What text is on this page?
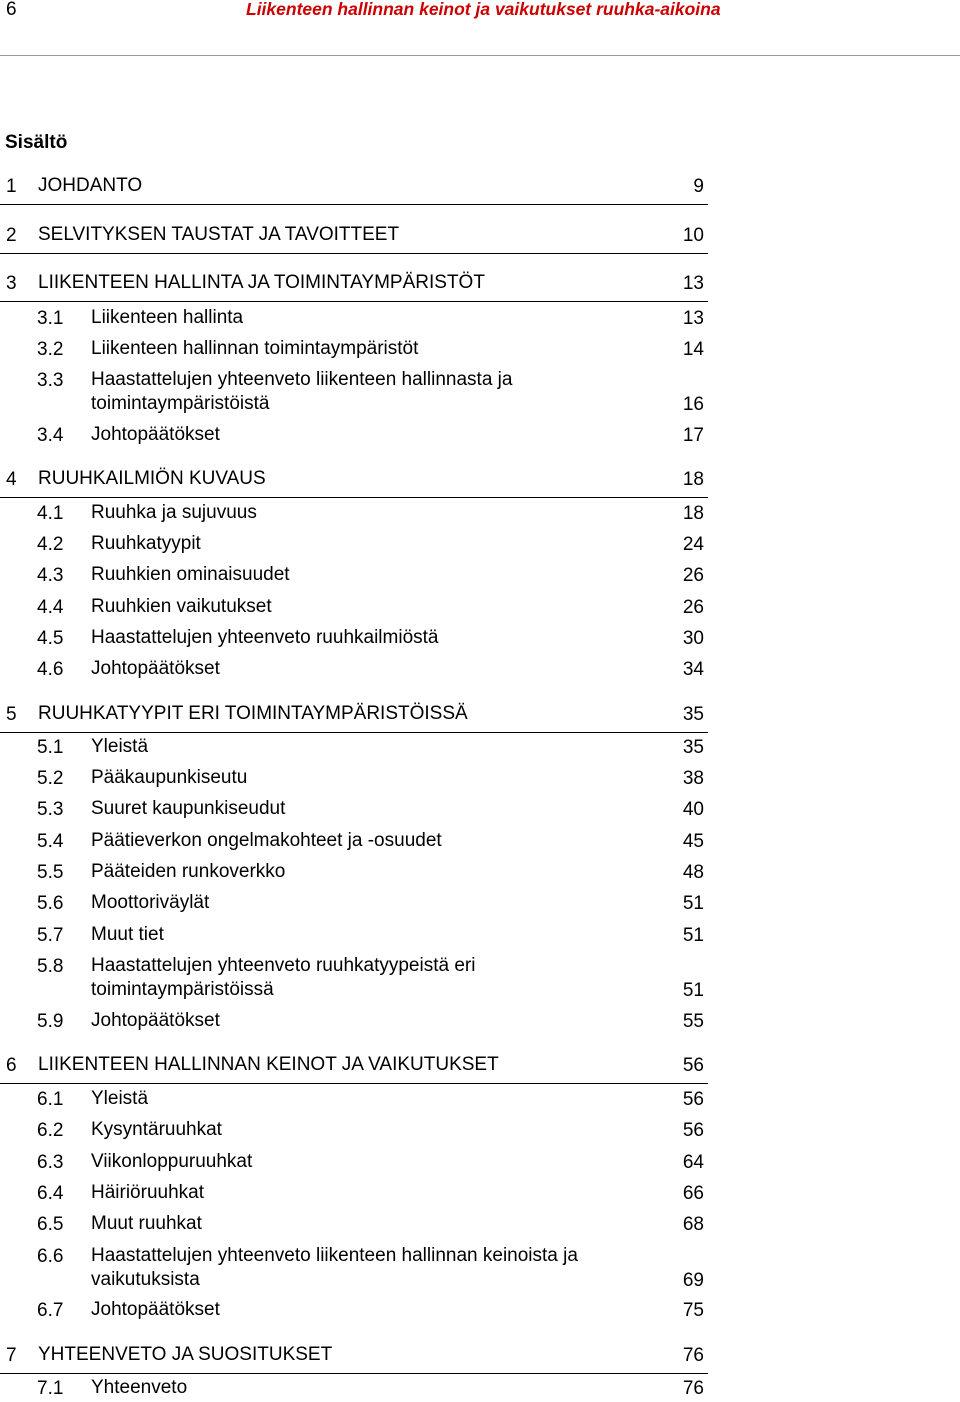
6	Liikenteen hallinnan keinot ja vaikutukset ruuhka-aikoina
Sisältö
1 JOHDANTO	9
2 SELVITYKSEN TAUSTAT JA TAVOITTEET	10
3 LIIKENTEEN HALLINTA JA TOIMINTAYMPÄRISTÖT	13
3.1 Liikenteen hallinta	13
3.2 Liikenteen hallinnan toimintaympäristöt	14
3.3 Haastattelujen yhteenveto liikenteen hallinnasta ja toimintaympäristöistä	16
3.4 Johtopäätökset	17
4 RUUHKAILMIÖN KUVAUS	18
4.1 Ruuhka ja sujuvuus	18
4.2 Ruuhkatyypit	24
4.3 Ruuhkien ominaisuudet	26
4.4 Ruuhkien vaikutukset	26
4.5 Haastattelujen yhteenveto ruuhkailmiöstä	30
4.6 Johtopäätökset	34
5 RUUHKATYYPIT ERI TOIMINTAYMPÄRISTÖISSÄ	35
5.1 Yleistä	35
5.2 Pääkaupunkiseutu	38
5.3 Suuret kaupunkiseudut	40
5.4 Päätieverkon ongelmakohteet ja -osuudet	45
5.5 Pääteiden runkoverkko	48
5.6 Moottoriväylät	51
5.7 Muut tiet	51
5.8 Haastattelujen yhteenveto ruuhkatyypeistä eri toimintaympäristöissä	51
5.9 Johtopäätökset	55
6 LIIKENTEEN HALLINNAN KEINOT JA VAIKUTUKSET	56
6.1 Yleistä	56
6.2 Kysyntäruuhkat	56
6.3 Viikonloppuruuhkat	64
6.4 Häiriöruuhkat	66
6.5 Muut ruuhkat	68
6.6 Haastattelujen yhteenveto liikenteen hallinnan keinoista ja vaikutuksista	69
6.7 Johtopäätökset	75
7 YHTEENVETO JA SUOSITUKSET	76
7.1 Yhteenveto	76
